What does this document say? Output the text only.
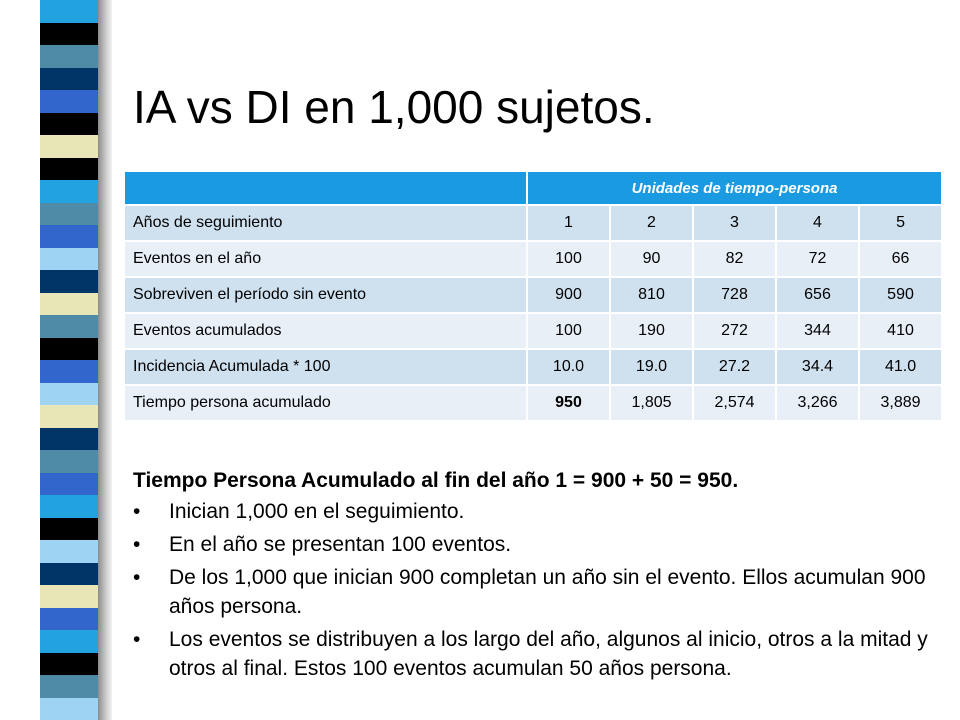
IA vs DI en 1,000 sujetos.
	Unidades de tiempo-persona				
Años de seguimiento	1	2	3	4	5
Eventos en el año	100	90	82	72	66
Sobreviven el período sin evento	900	810	728	656	590
Eventos acumulados	100	190	272	344	410
Incidencia Acumulada * 100	10.0	19.0	27.2	34.4	41.0
Tiempo persona acumulado	950	1,805	2,574	3,266	3,889

Tiempo Persona Acumulado al fin del año 1 = 900 + 50 = 950.

•	Inician 1,000 en el seguimiento.
•	En el año se presentan 100 eventos.
•	De los 1,000 que inician 900 completan un año sin el evento. Ellos acumulan 900 años persona.
•	Los eventos se distribuyen a los largo del año, algunos al inicio, otros a la mitad y otros al final. Estos 100 eventos acumulan 50 años persona.
